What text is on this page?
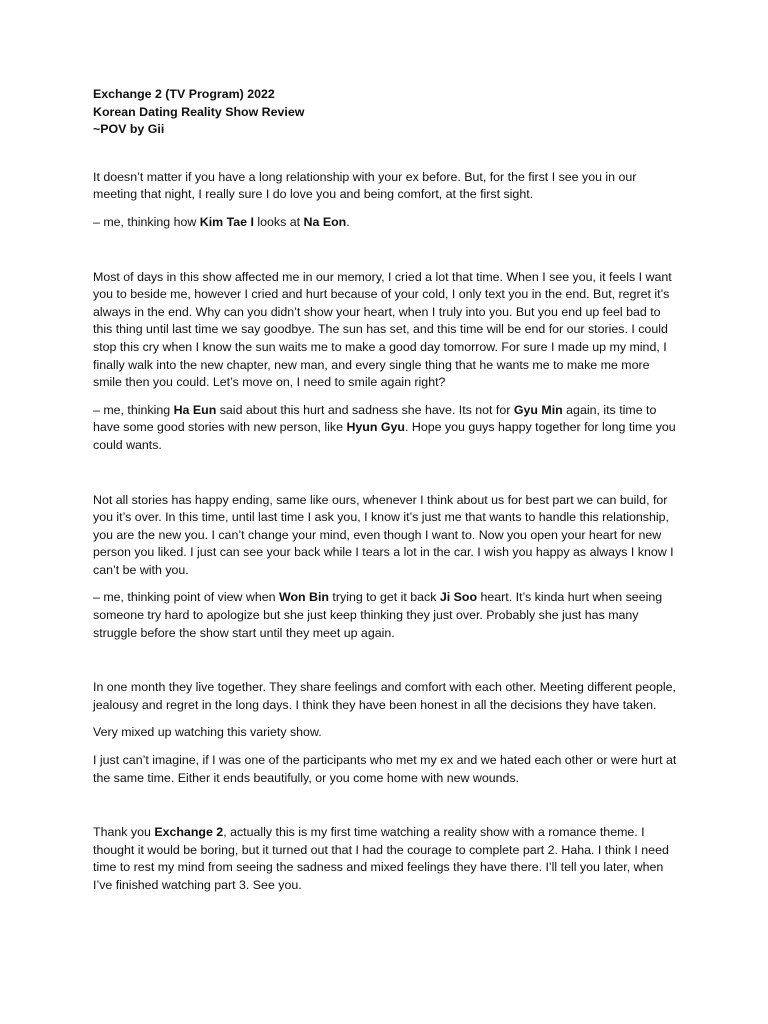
Exchange 2 (TV Program) 2022

Korean Dating Reality Show Review

~POV by Gii

It doesn’t matter if you have a long relationship with your ex before. But, for the first I see you in our meeting that night, I really sure I do love you and being comfort, at the first sight.

– me, thinking how Kim Tae I looks at Na Eon.

Most of days in this show affected me in our memory, I cried a lot that time. When I see you, it feels I want you to beside me, however I cried and hurt because of your cold, I only text you in the end. But, regret it’s always in the end. Why can you didn’t show your heart, when I truly into you. But you end up feel bad to this thing until last time we say goodbye. The sun has set, and this time will be end for our stories. I could stop this cry when I know the sun waits me to make a good day tomorrow. For sure I made up my mind, I finally walk into the new chapter, new man, and every single thing that he wants me to make me more smile then you could. Let’s move on, I need to smile again right?

– me, thinking Ha Eun said about this hurt and sadness she have. Its not for Gyu Min again, its time to have some good stories with new person, like Hyun Gyu. Hope you guys happy together for long time you could wants.

Not all stories has happy ending, same like ours, whenever I think about us for best part we can build, for you it’s over. In this time, until last time I ask you, I know it’s just me that wants to handle this relationship, you are the new you. I can’t change your mind, even though I want to. Now you open your heart for new person you liked. I just can see your back while I tears a lot in the car. I wish you happy as always I know I can’t be with you.

– me, thinking point of view when Won Bin trying to get it back Ji Soo heart. It’s kinda hurt when seeing someone try hard to apologize but she just keep thinking they just over. Probably she just has many struggle before the show start until they meet up again.

In one month they live together. They share feelings and comfort with each other. Meeting different people, jealousy and regret in the long days. I think they have been honest in all the decisions they have taken.

Very mixed up watching this variety show.

I just can’t imagine, if I was one of the participants who met my ex and we hated each other or were hurt at the same time. Either it ends beautifully, or you come home with new wounds.

Thank you Exchange 2, actually this is my first time watching a reality show with a romance theme. I thought it would be boring, but it turned out that I had the courage to complete part 2. Haha. I think I need time to rest my mind from seeing the sadness and mixed feelings they have there. I’ll tell you later, when I’ve finished watching part 3. See you.
